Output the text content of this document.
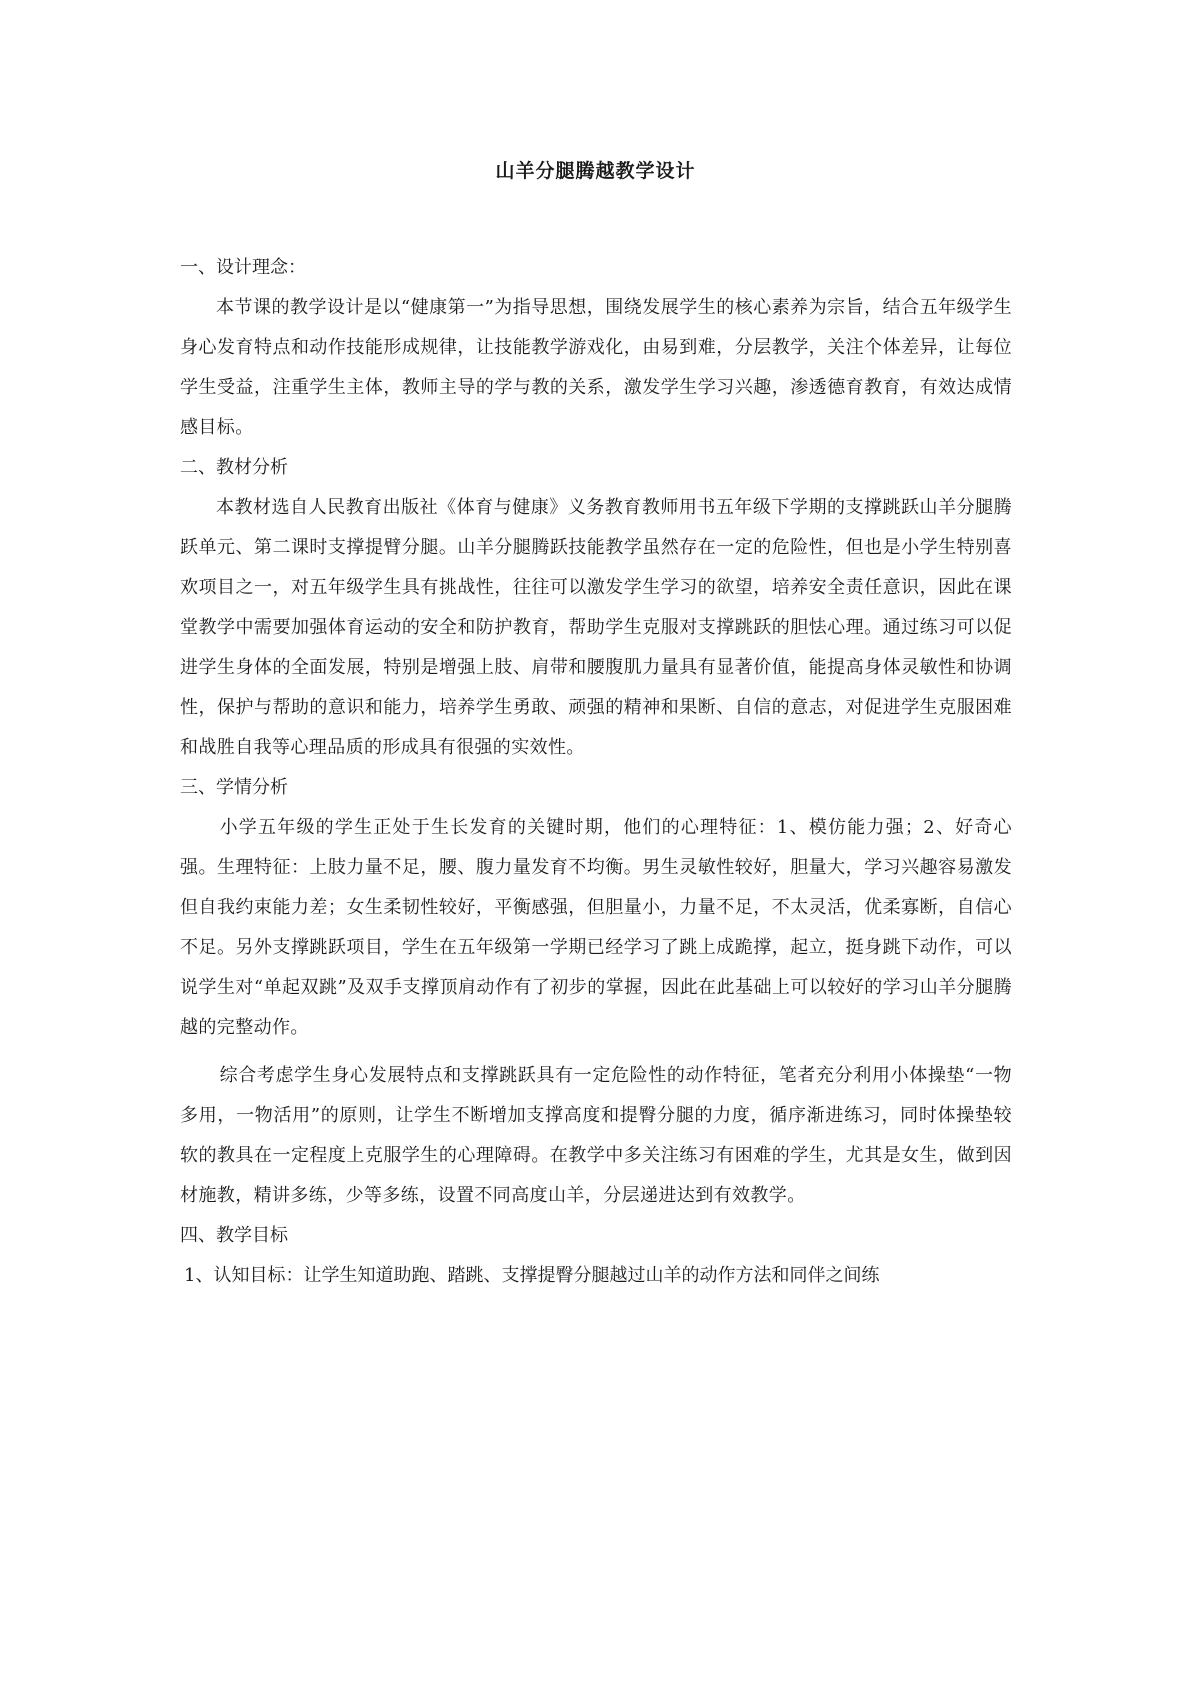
山羊分腿腾越教学设计
一、设计理念：

本节课的教学设计是以“健康第一”为指导思想，围绕发展学生的核心素养为宗旨，结合五年级学生身心发育特点和动作技能形成规律，让技能教学游戏化，由易到难，分层教学，关注个体差异，让每位学生受益，注重学生主体，教师主导的学与教的关系，激发学生学习兴趣，渗透德育教育，有效达成情感目标。

二、教材分析

本教材选自人民教育出版社《体育与健康》义务教育教师用书五年级下学期的支撑跳跃山羊分腿腾跃单元、第二课时支撑提臂分腿。山羊分腿腾跃技能教学虽然存在一定的危险性，但也是小学生特别喜欢项目之一，对五年级学生具有挑战性，往往可以激发学生学习的欲望，培养安全责任意识，因此在课堂教学中需要加强体育运动的安全和防护教育，帮助学生克服对支撑跳跃的胆怯心理。通过练习可以促进学生身体的全面发展，特别是增强上肢、肩带和腰腹肌力量具有显著价值，能提高身体灵敏性和协调性，保护与帮助的意识和能力，培养学生勇敢、顽强的精神和果断、自信的意志，对促进学生克服困难和战胜自我等心理品质的形成具有很强的实效性。

三、学情分析

小学五年级的学生正处于生长发育的关键时期，他们的心理特征：1、模仿能力强；2、好奇心强。生理特征：上肢力量不足，腰、腹力量发育不均衡。男生灵敏性较好，胆量大，学习兴趣容易激发但自我约束能力差；女生柔韧性较好，平衡感强，但胆量小，力量不足，不太灵活，优柔寡断，自信心不足。另外支撑跳跃项目，学生在五年级第一学期已经学习了跳上成跪撑，起立，挺身跳下动作，可以说学生对“单起双跳”及双手支撑顶肩动作有了初步的掌握，因此在此基础上可以较好的学习山羊分腿腾越的完整动作。

综合考虑学生身心发展特点和支撑跳跃具有一定危险性的动作特征，笔者充分利用小体操垫“一物多用，一物活用”的原则，让学生不断增加支撑高度和提臀分腿的力度，循序渐进练习，同时体操垫较软的教具在一定程度上克服学生的心理障碍。在教学中多关注练习有困难的学生，尤其是女生，做到因材施教，精讲多练，少等多练，设置不同高度山羊，分层递进达到有效教学。

四、教学目标
1、认知目标：让学生知道助跑、踏跳、支撑提臀分腿越过山羊的动作方法和同伴之间练
